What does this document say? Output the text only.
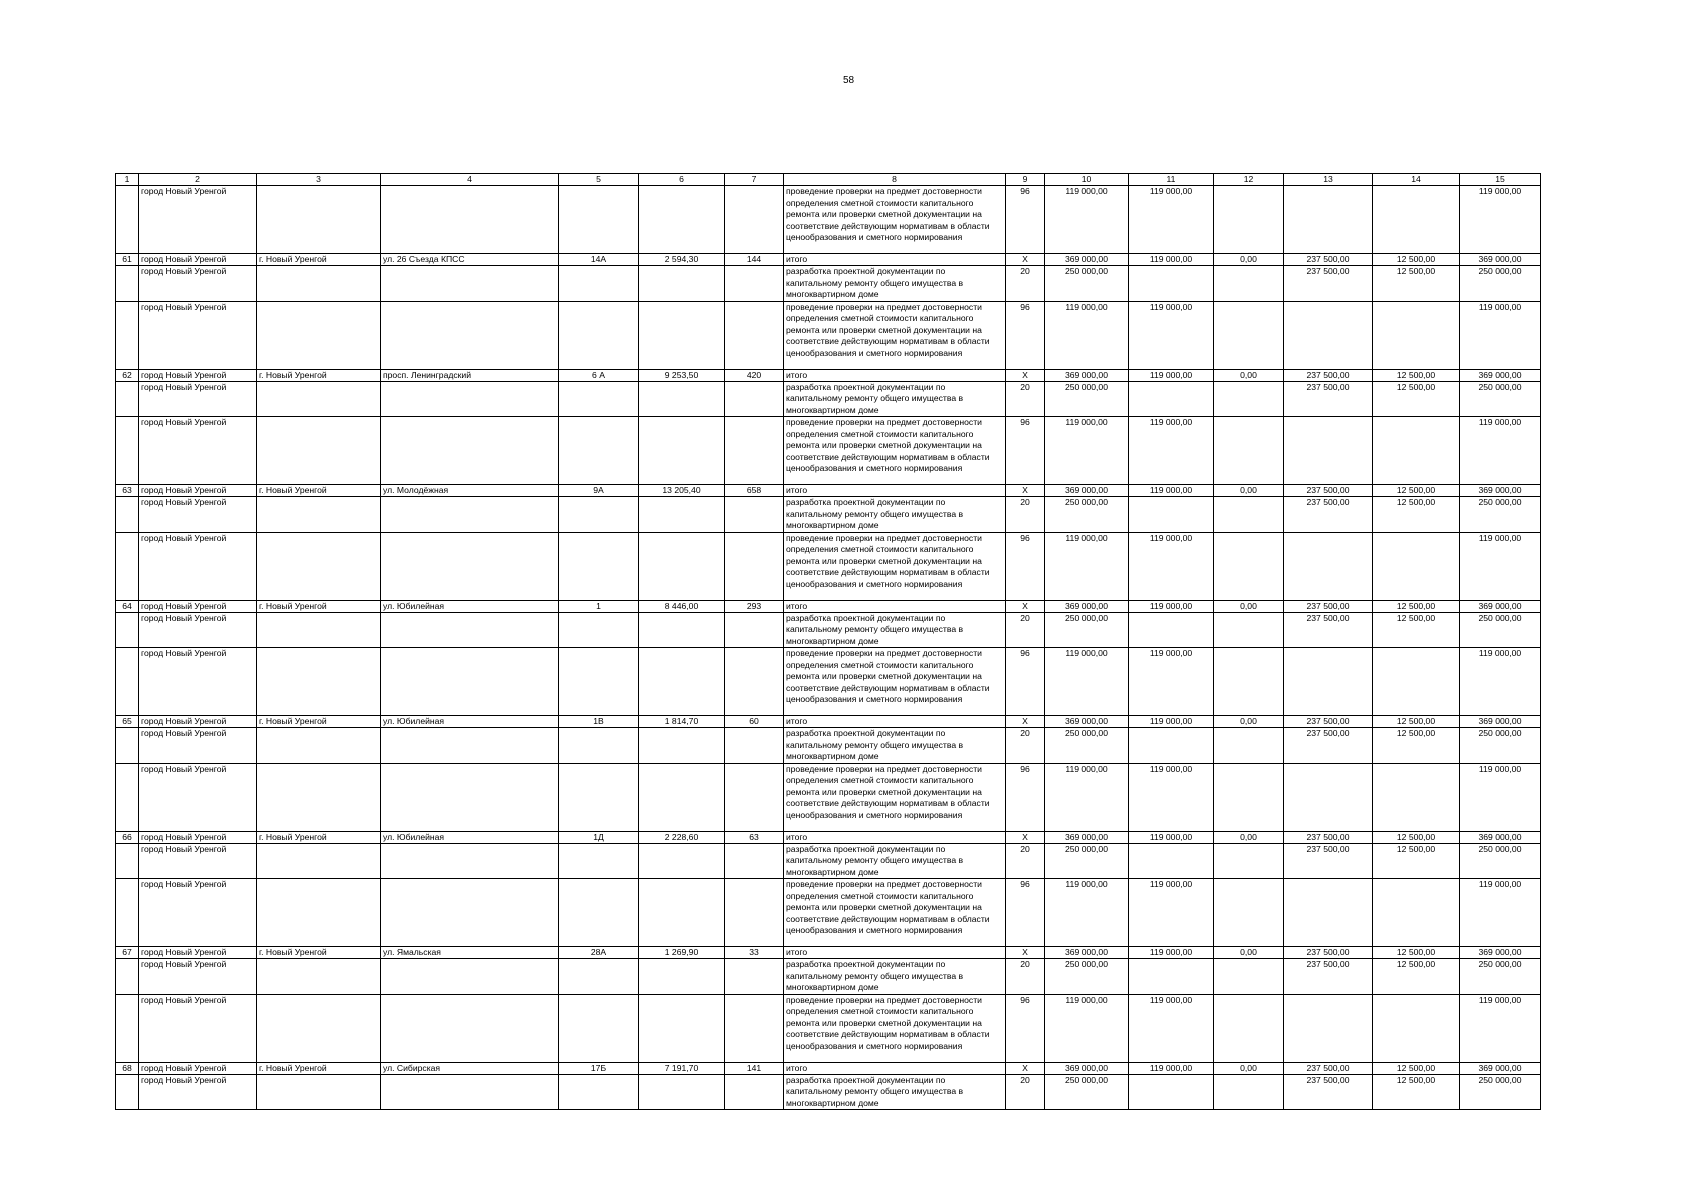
58
1	2	3	4	5	6	7	8	9	10	11	12	13	14	15
	город Новый Уренгой						проведение проверки на предмет достоверности определения сметной стоимости капитального ремонта или проверки сметной документации на соответствие действующим нормативам в области ценообразования и сметного нормирования	96	119 000,00	119 000,00				119 000,00
61	город Новый Уренгой	г. Новый Уренгой	ул. 26 Съезда КПСС	14А	2 594,30	144	итого	X	369 000,00	119 000,00	0,00	237 500,00	12 500,00	369 000,00
	город Новый Уренгой						разработка проектной документации по капитальному ремонту общего имущества в многоквартирном доме	20	250 000,00			237 500,00	12 500,00	250 000,00
	город Новый Уренгой						проведение проверки на предмет достоверности определения сметной стоимости капитального ремонта или проверки сметной документации на соответствие действующим нормативам в области ценообразования и сметного нормирования	96	119 000,00	119 000,00				119 000,00
62	город Новый Уренгой	г. Новый Уренгой	просп. Ленинградский	6 А	9 253,50	420	итого	X	369 000,00	119 000,00	0,00	237 500,00	12 500,00	369 000,00
	город Новый Уренгой						разработка проектной документации по капитальному ремонту общего имущества в многоквартирном доме	20	250 000,00			237 500,00	12 500,00	250 000,00
	город Новый Уренгой						проведение проверки на предмет достоверности определения сметной стоимости капитального ремонта или проверки сметной документации на соответствие действующим нормативам в области ценообразования и сметного нормирования	96	119 000,00	119 000,00				119 000,00
63	город Новый Уренгой	г. Новый Уренгой	ул. Молодёжная	9А	13 205,40	658	итого	X	369 000,00	119 000,00	0,00	237 500,00	12 500,00	369 000,00
	город Новый Уренгой						разработка проектной документации по капитальному ремонту общего имущества в многоквартирном доме	20	250 000,00			237 500,00	12 500,00	250 000,00
	город Новый Уренгой						проведение проверки на предмет достоверности определения сметной стоимости капитального ремонта или проверки сметной документации на соответствие действующим нормативам в области ценообразования и сметного нормирования	96	119 000,00	119 000,00				119 000,00
64	город Новый Уренгой	г. Новый Уренгой	ул. Юбилейная	1	8 446,00	293	итого	X	369 000,00	119 000,00	0,00	237 500,00	12 500,00	369 000,00
	город Новый Уренгой						разработка проектной документации по капитальному ремонту общего имущества в многоквартирном доме	20	250 000,00			237 500,00	12 500,00	250 000,00
	город Новый Уренгой						проведение проверки на предмет достоверности определения сметной стоимости капитального ремонта или проверки сметной документации на соответствие действующим нормативам в области ценообразования и сметного нормирования	96	119 000,00	119 000,00				119 000,00
65	город Новый Уренгой	г. Новый Уренгой	ул. Юбилейная	1В	1 814,70	60	итого	X	369 000,00	119 000,00	0,00	237 500,00	12 500,00	369 000,00
	город Новый Уренгой						разработка проектной документации по капитальному ремонту общего имущества в многоквартирном доме	20	250 000,00			237 500,00	12 500,00	250 000,00
	город Новый Уренгой						проведение проверки на предмет достоверности определения сметной стоимости капитального ремонта или проверки сметной документации на соответствие действующим нормативам в области ценообразования и сметного нормирования	96	119 000,00	119 000,00				119 000,00
66	город Новый Уренгой	г. Новый Уренгой	ул. Юбилейная	1Д	2 228,60	63	итого	X	369 000,00	119 000,00	0,00	237 500,00	12 500,00	369 000,00
	город Новый Уренгой						разработка проектной документации по капитальному ремонту общего имущества в многоквартирном доме	20	250 000,00			237 500,00	12 500,00	250 000,00
	город Новый Уренгой						проведение проверки на предмет достоверности определения сметной стоимости капитального ремонта или проверки сметной документации на соответствие действующим нормативам в области ценообразования и сметного нормирования	96	119 000,00	119 000,00				119 000,00
67	город Новый Уренгой	г. Новый Уренгой	ул. Ямальская	28А	1 269,90	33	итого	X	369 000,00	119 000,00	0,00	237 500,00	12 500,00	369 000,00
	город Новый Уренгой						разработка проектной документации по капитальному ремонту общего имущества в многоквартирном доме	20	250 000,00			237 500,00	12 500,00	250 000,00
	город Новый Уренгой						проведение проверки на предмет достоверности определения сметной стоимости капитального ремонта или проверки сметной документации на соответствие действующим нормативам в области ценообразования и сметного нормирования	96	119 000,00	119 000,00				119 000,00
68	город Новый Уренгой	г. Новый Уренгой	ул. Сибирская	17Б	7 191,70	141	итого	X	369 000,00	119 000,00	0,00	237 500,00	12 500,00	369 000,00
	город Новый Уренгой						разработка проектной документации по капитальному ремонту общего имущества в многоквартирном доме	20	250 000,00			237 500,00	12 500,00	250 000,00
